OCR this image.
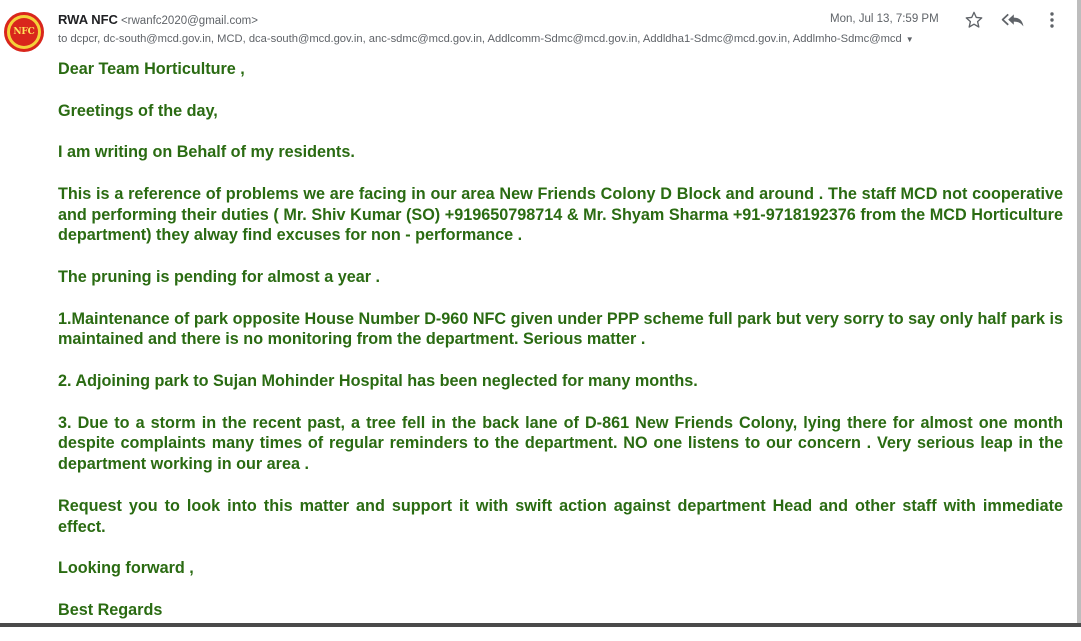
NFC
RWA NFC <rwanfc2020@gmail.com>
to dcpcr, dc-south@mcd.gov.in, MCD, dca-south@mcd.gov.in, anc-sdmc@mcd.gov.in, Addlcomm-Sdmc@mcd.gov.in, Addldha1-Sdmc@mcd.gov.in, Addlmho-Sdmc@mcd ▼
Mon, Jul 13, 7:59 PM

Dear Team Horticulture ,

Greetings of the day,

I am writing on Behalf of my residents.

This is a reference of problems we are facing in our area New Friends Colony D Block and around . The staff MCD not cooperative and performing their duties ( Mr. Shiv Kumar (SO) +919650798714 & Mr. Shyam Sharma +91-9718192376 from the MCD Horticulture department) they alway find excuses for non - performance .

The pruning is pending for almost a year .

1.Maintenance of park opposite House Number D-960 NFC given under PPP scheme full park but very sorry to say only half park is maintained and there is no monitoring from the department. Serious matter .

2. Adjoining park to Sujan Mohinder Hospital has been neglected for many months.

3. Due to a storm in the recent past, a tree fell in the back lane of D-861 New Friends Colony, lying there for almost one month despite complaints many times of regular reminders to the department. NO one listens to our concern . Very serious leap in the department working in our area .

Request you to look into this matter and support it with swift action against department Head and other staff with immediate effect.

Looking forward ,

Best Regards
